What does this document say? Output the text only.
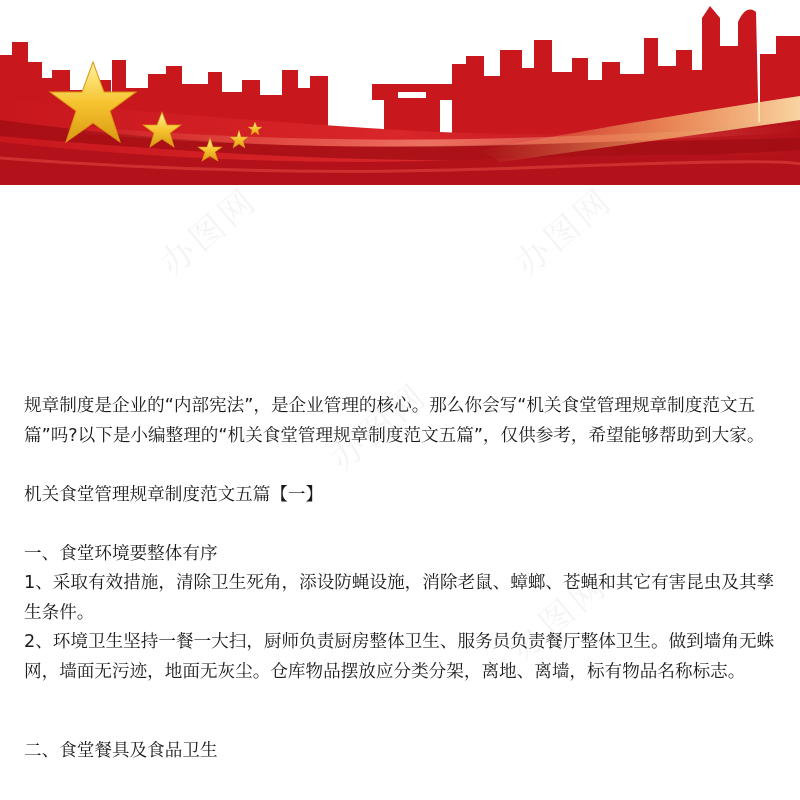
规章制度是企业的“内部宪法”，是企业管理的核心。那么你会写“机关食堂管理规章制度范文五篇”吗?以下是小编整理的“机关食堂管理规章制度范文五篇”，仅供参考，希望能够帮助到大家。

机关食堂管理规章制度范文五篇【一】

一、食堂环境要整体有序

1、采取有效措施，清除卫生死角，添设防蝇设施，消除老鼠、蟑螂、苍蝇和其它有害昆虫及其孳生条件。

2、环境卫生坚持一餐一大扫，厨师负责厨房整体卫生、服务员负责餐厅整体卫生。做到墙角无蛛网，墙面无污迹，地面无灰尘。仓库物品摆放应分类分架，离地、离墙，标有物品名称标志。

二、食堂餐具及食品卫生
